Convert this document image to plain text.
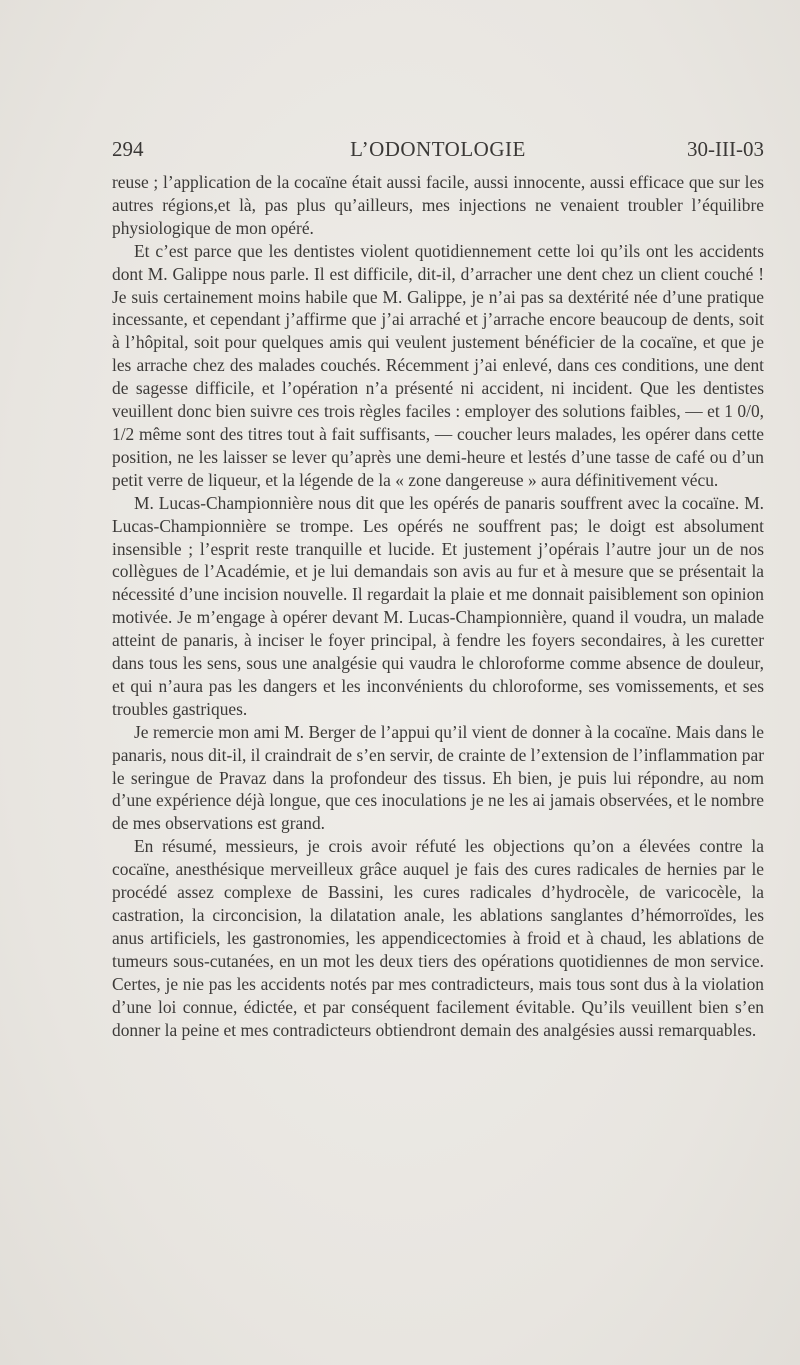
294	L’ODONTOLOGIE	30-III-03

reuse ; l’application de la cocaïne était aussi facile, aussi innocente, aussi efficace que sur les autres régions,et là, pas plus qu’ailleurs, mes injections ne venaient troubler l’équilibre physiologique de mon opéré.

Et c’est parce que les dentistes violent quotidiennement cette loi qu’ils ont les accidents dont M. Galippe nous parle. Il est difficile, dit-il, d’arracher une dent chez un client couché ! Je suis certainement moins habile que M. Galippe, je n’ai pas sa dextérité née d’une pratique incessante, et cependant j’affirme que j’ai arraché et j’arrache encore beaucoup de dents, soit à l’hôpital, soit pour quelques amis qui veulent justement bénéficier de la cocaïne, et que je les arrache chez des malades couchés. Récemment j’ai enlevé, dans ces conditions, une dent de sagesse difficile, et l’opération n’a présenté ni accident, ni incident. Que les dentistes veuillent donc bien suivre ces trois règles faciles : employer des solutions faibles, — et 1 0/0, 1/2 même sont des titres tout à fait suffisants, — coucher leurs malades, les opérer dans cette position, ne les laisser se lever qu’après une demi-heure et lestés d’une tasse de café ou d’un petit verre de liqueur, et la légende de la « zone dangereuse » aura définitivement vécu.

M. Lucas-Championnière nous dit que les opérés de panaris souffrent avec la cocaïne. M. Lucas-Championnière se trompe. Les opérés ne souffrent pas; le doigt est absolument insensible ; l’esprit reste tranquille et lucide. Et justement j’opérais l’autre jour un de nos collègues de l’Académie, et je lui demandais son avis au fur et à mesure que se présentait la nécessité d’une incision nouvelle. Il regardait la plaie et me donnait paisiblement son opinion motivée. Je m’engage à opérer devant M. Lucas-Championnière, quand il voudra, un malade atteint de panaris, à inciser le foyer principal, à fendre les foyers secondaires, à les curetter dans tous les sens, sous une analgésie qui vaudra le chloroforme comme absence de douleur, et qui n’aura pas les dangers et les inconvénients du chloroforme, ses vomissements, et ses troubles gastriques.

Je remercie mon ami M. Berger de l’appui qu’il vient de donner à la cocaïne. Mais dans le panaris, nous dit-il, il craindrait de s’en servir, de crainte de l’extension de l’inflammation par le seringue de Pravaz dans la profondeur des tissus. Eh bien, je puis lui répondre, au nom d’une expérience déjà longue, que ces inoculations je ne les ai jamais observées, et le nombre de mes observations est grand.

En résumé, messieurs, je crois avoir réfuté les objections qu’on a élevées contre la cocaïne, anesthésique merveilleux grâce auquel je fais des cures radicales de hernies par le procédé assez complexe de Bassini, les cures radicales d’hydrocèle, de varicocèle, la castration, la circoncision, la dilatation anale, les ablations sanglantes d’hémorroïdes, les anus artificiels, les gastronomies, les appendicectomies à froid et à chaud, les ablations de tumeurs sous-cutanées, en un mot les deux tiers des opérations quotidiennes de mon service. Certes, je nie pas les accidents notés par mes contradicteurs, mais tous sont dus à la violation d’une loi connue, édictée, et par conséquent facilement évitable. Qu’ils veuillent bien s’en donner la peine et mes contradicteurs obtiendront demain des analgésies aussi remarquables.
